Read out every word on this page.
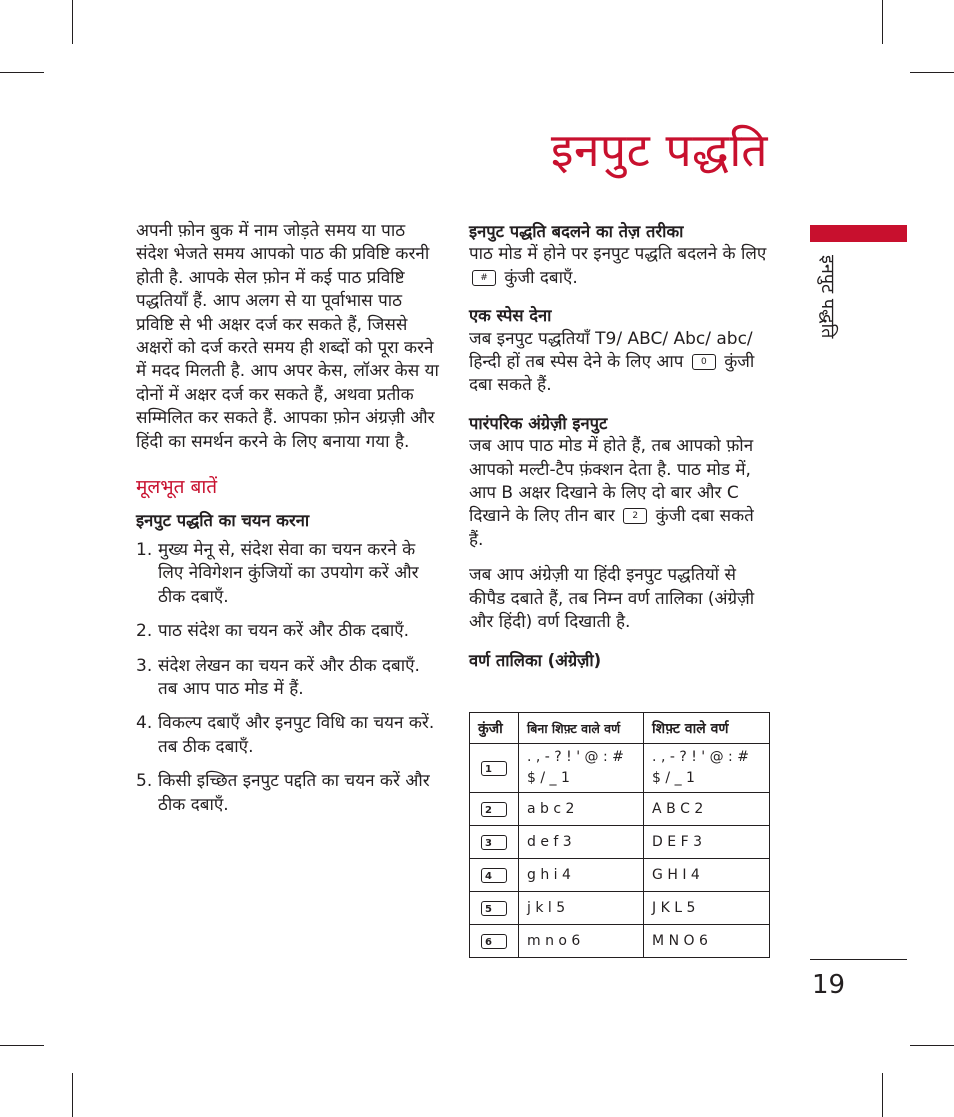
इनपुट पद्धति
इनपुट पद्धति
19

अपनी फ़ोन बुक में नाम जोड़ते समय या पाठ संदेश भेजते समय आपको पाठ की प्रविष्टि करनी होती है. आपके सेल फ़ोन में कई पाठ प्रविष्टि पद्धतियाँ हैं. आप अलग से या पूर्वाभास पाठ प्रविष्टि से भी अक्षर दर्ज कर सकते हैं, जिससे अक्षरों को दर्ज करते समय ही शब्दों को पूरा करने में मदद मिलती है. आप अपर केस, लॉअर केस या दोनों में अक्षर दर्ज कर सकते हैं, अथवा प्रतीक सम्मिलित कर सकते हैं. आपका फ़ोन अंग्रज़ी और हिंदी का समर्थन करने के लिए बनाया गया है.

मूलभूत बातें
इनपुट पद्धति का चयन करना
1. मुख्य मेनू से, संदेश सेवा का चयन करने के लिए नेविगेशन कुंजियों का उपयोग करें और ठीक दबाएँ.
2. पाठ संदेश का चयन करें और ठीक दबाएँ.
3. संदेश लेखन का चयन करें और ठीक दबाएँ. तब आप पाठ मोड में हैं.
4. विकल्प दबाएँ और इनपुट विधि का चयन करें. तब ठीक दबाएँ.
5. किसी इच्छित इनपुट पद्दति का चयन करें और ठीक दबाएँ.
इनपुट पद्धति बदलने का तेज़ तरीका

पाठ मोड में होने पर इनपुट पद्धति बदलने के लिए # कुंजी दबाएँ.

एक स्पेस देना

जब इनपुट पद्धतियाँ T9/ ABC/ Abc/ abc/ हिन्दी हों तब स्पेस देने के लिए आप 0 कुंजी दबा सकते हैं.

पारंपरिक अंग्रेज़ी इनपुट

जब आप पाठ मोड में होते हैं, तब आपको फ़ोन आपको मल्टी-टैप फ़ंक्शन देता है. पाठ मोड में, आप B अक्षर दिखाने के लिए दो बार और C दिखाने के लिए तीन बार 2 कुंजी दबा सकते हैं.

जब आप अंग्रेज़ी या हिंदी इनपुट पद्धतियों से कीपैड दबाते हैं, तब निम्न वर्ण तालिका (अंग्रेज़ी और हिंदी) वर्ण दिखाती है.

वर्ण तालिका (अंग्रेज़ी)
कुंजी	बिना शिफ़्ट वाले वर्ण	शिफ़्ट वाले वर्ण
1	. , - ? ! ' @ : # $ / _ 1	. , - ? ! ' @ : # $ / _ 1
2	a b c 2	A B C 2
3	d e f 3	D E F 3
4	g h i 4	G H I 4
5	j k l 5	J K L 5
6	m n o 6	M N O 6
